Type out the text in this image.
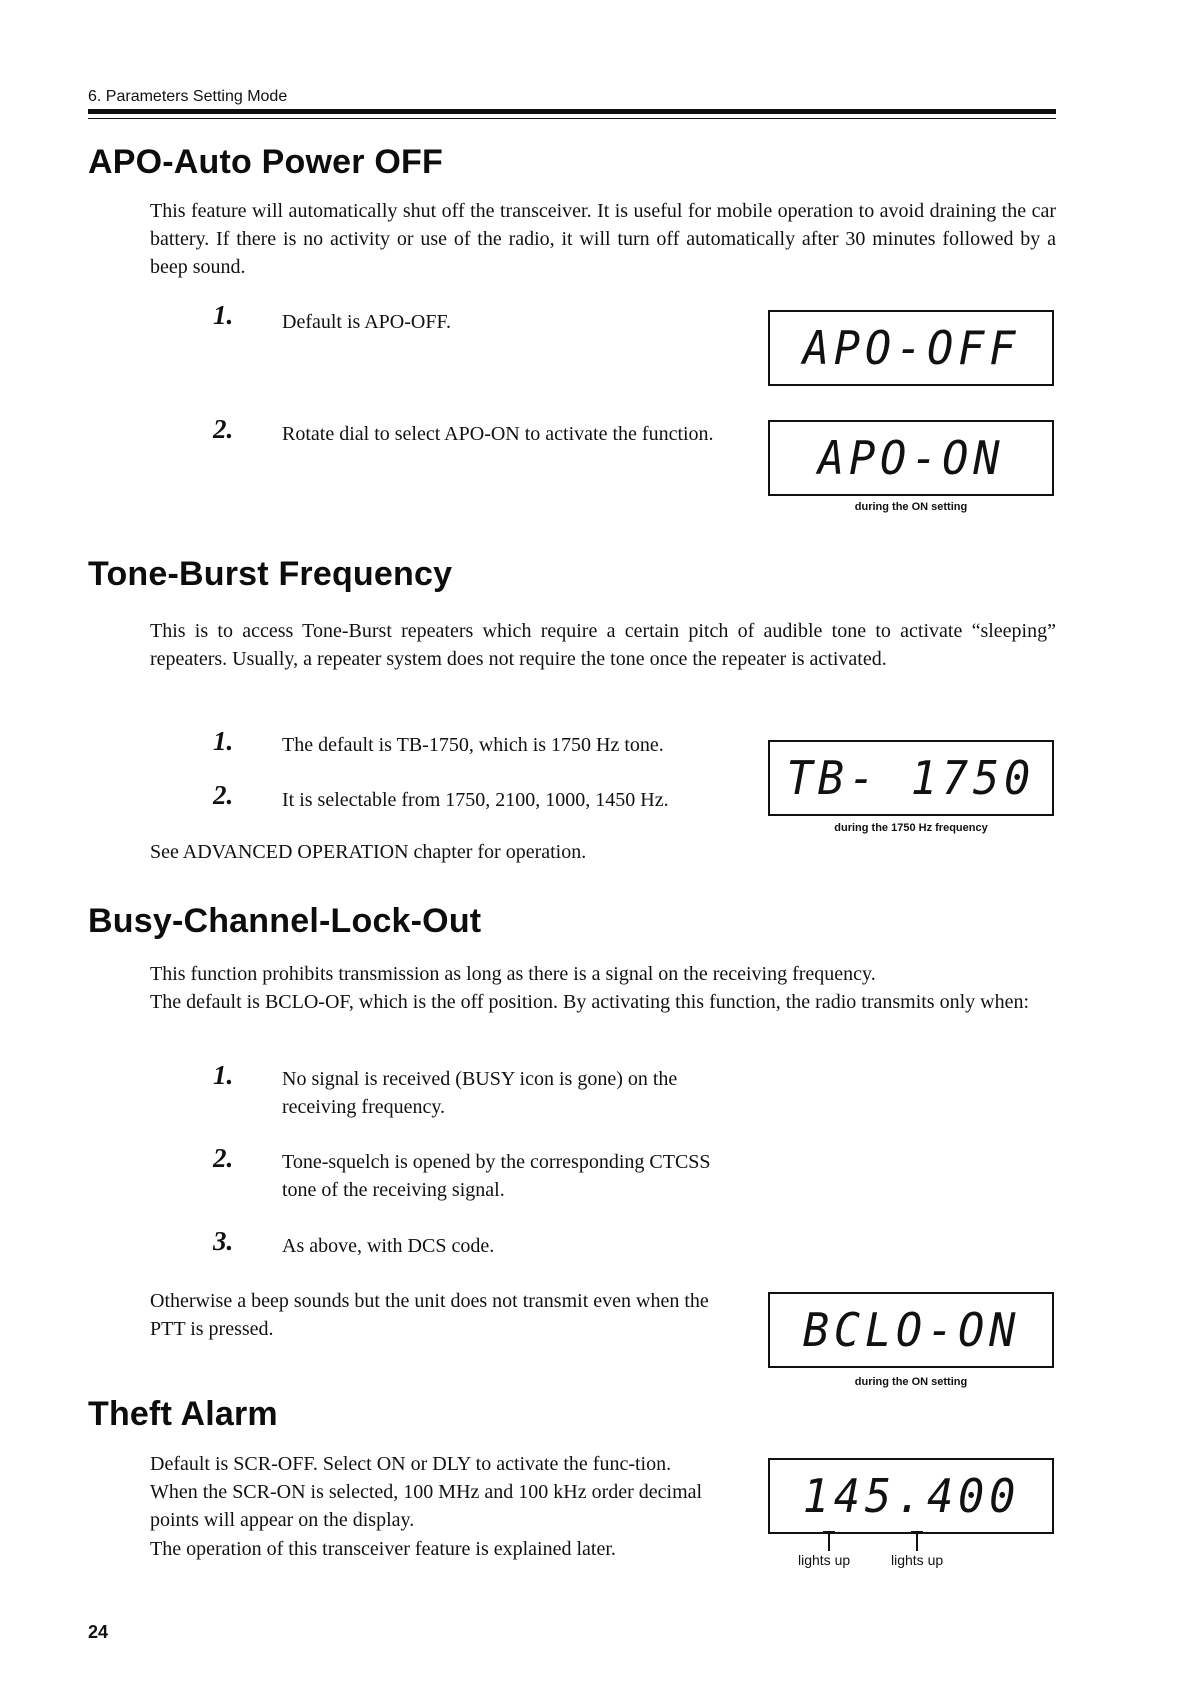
6. Parameters Setting Mode
APO-Auto Power OFF
This feature will automatically shut off the transceiver. It is useful for mobile operation to avoid draining the car battery. If there is no activity or use of the radio, it will turn off automatically after 30 minutes followed by a beep sound.
1. Default is APO-OFF.	APO-OFF
2. Rotate dial to select APO-ON to activate the function. APO-ON
during the ON setting
Tone-Burst Frequency
This is to access Tone-Burst repeaters which require a certain pitch of audible tone to activate “sleeping” repeaters. Usually, a repeater system does not require the tone once the repeater is activated.
1. The default is TB-1750, which is 1750 Hz tone.
2. It is selectable from 1750, 2100, 1000, 1450 Hz.	TB- 1750
during the 1750 Hz frequency
See ADVANCED OPERATION chapter for operation.
Busy-Channel-Lock-Out
This function prohibits transmission as long as there is a signal on the receiving frequency.
The default is BCLO-OF, which is the off position. By activating this function, the radio transmits only when:
1. No signal is received (BUSY icon is gone) on the receiving frequency.
2. Tone-squelch is opened by the corresponding CTCSS tone of the receiving signal.
3. As above, with DCS code.
Otherwise a beep sounds but the unit does not transmit even when the PTT is pressed.	BCLO-ON
during the ON setting
Theft Alarm
Default is SCR-OFF. Select ON or DLY to activate the func-tion. When the SCR-ON is selected, 100 MHz and 100 kHz order decimal points will appear on the display.
The operation of this transceiver feature is explained later.
145.400
lights up	lights up
24
